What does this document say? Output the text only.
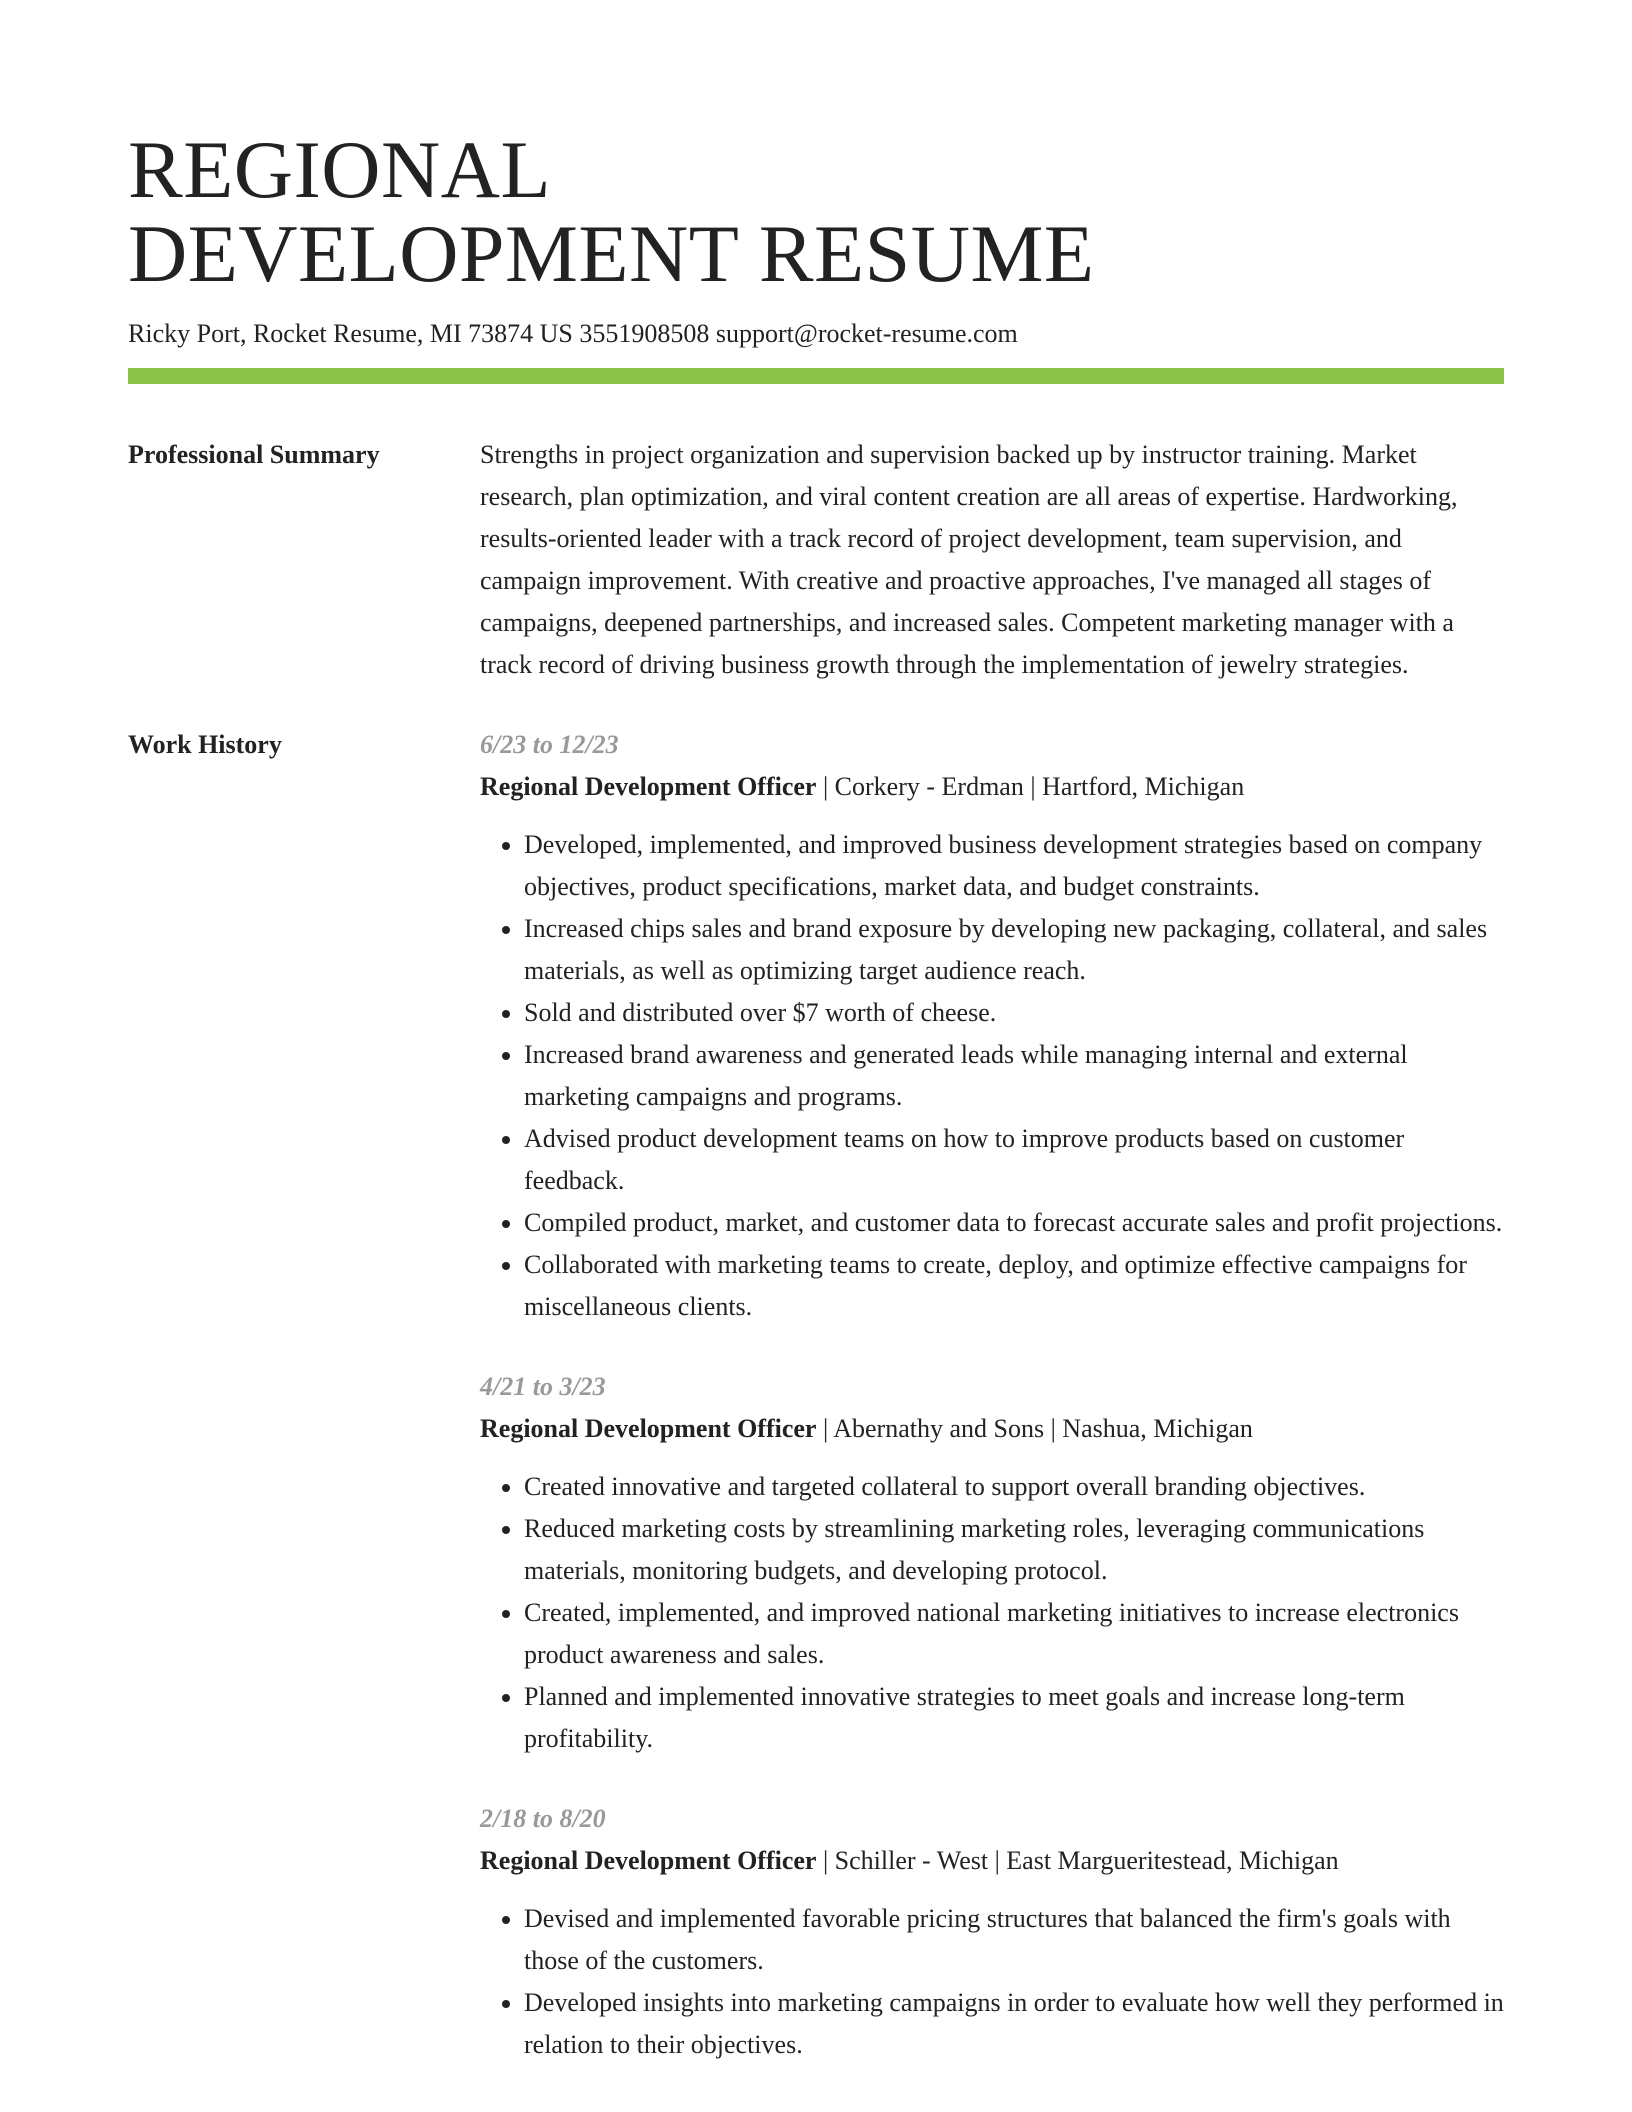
REGIONAL
DEVELOPMENT RESUME
Ricky Port, Rocket Resume, MI 73874 US 3551908508 support@rocket-resume.com
Professional Summary	Strengths in project organization and supervision backed up by instructor training. Market research, plan optimization, and viral content creation are all areas of expertise. Hardworking, results-oriented leader with a track record of project development, team supervision, and campaign improvement. With creative and proactive approaches, I've managed all stages of campaigns, deepened partnerships, and increased sales. Competent marketing manager with a track record of driving business growth through the implementation of jewelry strategies.

Work History	6/23 to 12/23
Regional Development Officer | Corkery - Erdman | Hartford, Michigan
• Developed, implemented, and improved business development strategies based on company objectives, product specifications, market data, and budget constraints.
• Increased chips sales and brand exposure by developing new packaging, collateral, and sales materials, as well as optimizing target audience reach.
• Sold and distributed over $7 worth of cheese.
• Increased brand awareness and generated leads while managing internal and external marketing campaigns and programs.
• Advised product development teams on how to improve products based on customer feedback.
• Compiled product, market, and customer data to forecast accurate sales and profit projections.
• Collaborated with marketing teams to create, deploy, and optimize effective campaigns for miscellaneous clients.
4/21 to 3/23
Regional Development Officer | Abernathy and Sons | Nashua, Michigan
• Created innovative and targeted collateral to support overall branding objectives.
• Reduced marketing costs by streamlining marketing roles, leveraging communications materials, monitoring budgets, and developing protocol.
• Created, implemented, and improved national marketing initiatives to increase electronics product awareness and sales.
• Planned and implemented innovative strategies to meet goals and increase long-term profitability.
2/18 to 8/20
Regional Development Officer | Schiller - West | East Margueritestead, Michigan
• Devised and implemented favorable pricing structures that balanced the firm's goals with those of the customers.
• Developed insights into marketing campaigns in order to evaluate how well they performed in relation to their objectives.
